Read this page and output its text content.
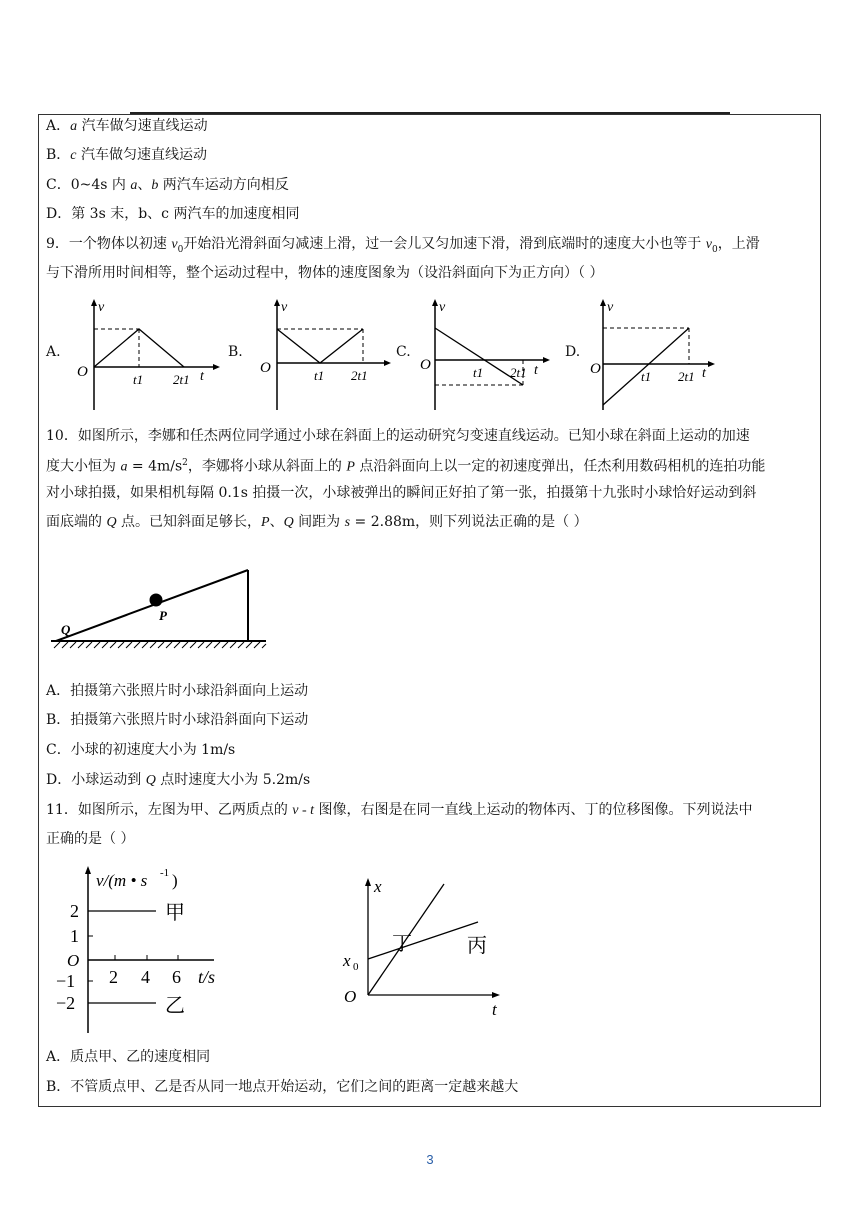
A．a 汽车做匀速直线运动
B．c 汽车做匀速直线运动
C．0~4s 内 a、b 两汽车运动方向相反
D．第 3s 末，b、c 两汽车的加速度相同
9．一个物体以初速 $v_0$开始沿光滑斜面匀减速上滑，过一会儿又匀加速下滑，滑到底端时的速度大小也等于 $v_0$，上滑
与下滑所用时间相等，整个运动过程中，物体的速度图象为（设沿斜面向下为正方向）（ ）
A.	B.	C.	D.
v
O	t1 2t1 t
v
O	t1 2t1
v
O	t1 2t1 t
v
O	t1 2t1 t
10．如图所示，李娜和任杰两位同学通过小球在斜面上的运动研究匀变速直线运动。已知小球在斜面上运动的加速
度大小恒为 $a = 4m/s^2$，李娜将小球从斜面上的 P 点沿斜面向上以一定的初速度弹出，任杰利用数码相机的连拍功能
对小球拍摄，如果相机每隔 0.1s 拍摄一次，小球被弹出的瞬间正好拍了第一张，拍摄第十九张时小球恰好运动到斜
面底端的 Q 点。已知斜面足够长，P、Q 间距为 s = 2.88m，则下列说法正确的是（ ）
P
Q
A．拍摄第六张照片时小球沿斜面向上运动
B．拍摄第六张照片时小球沿斜面向下运动
C．小球的初速度大小为 1m/s
D．小球运动到 Q 点时速度大小为 5.2m/s
11．如图所示，左图为甲、乙两质点的 v - t 图像，右图是在同一直线上运动的物体丙、丁的位移图像。下列说法中
正确的是（ ）
v/(m • s -1 )
2
1
O
−1
−2
2 4 6 t/s
甲
乙
x
x 0
O
t
丁	丙
A．质点甲、乙的速度相同
B．不管质点甲、乙是否从同一地点开始运动，它们之间的距离一定越来越大
3
